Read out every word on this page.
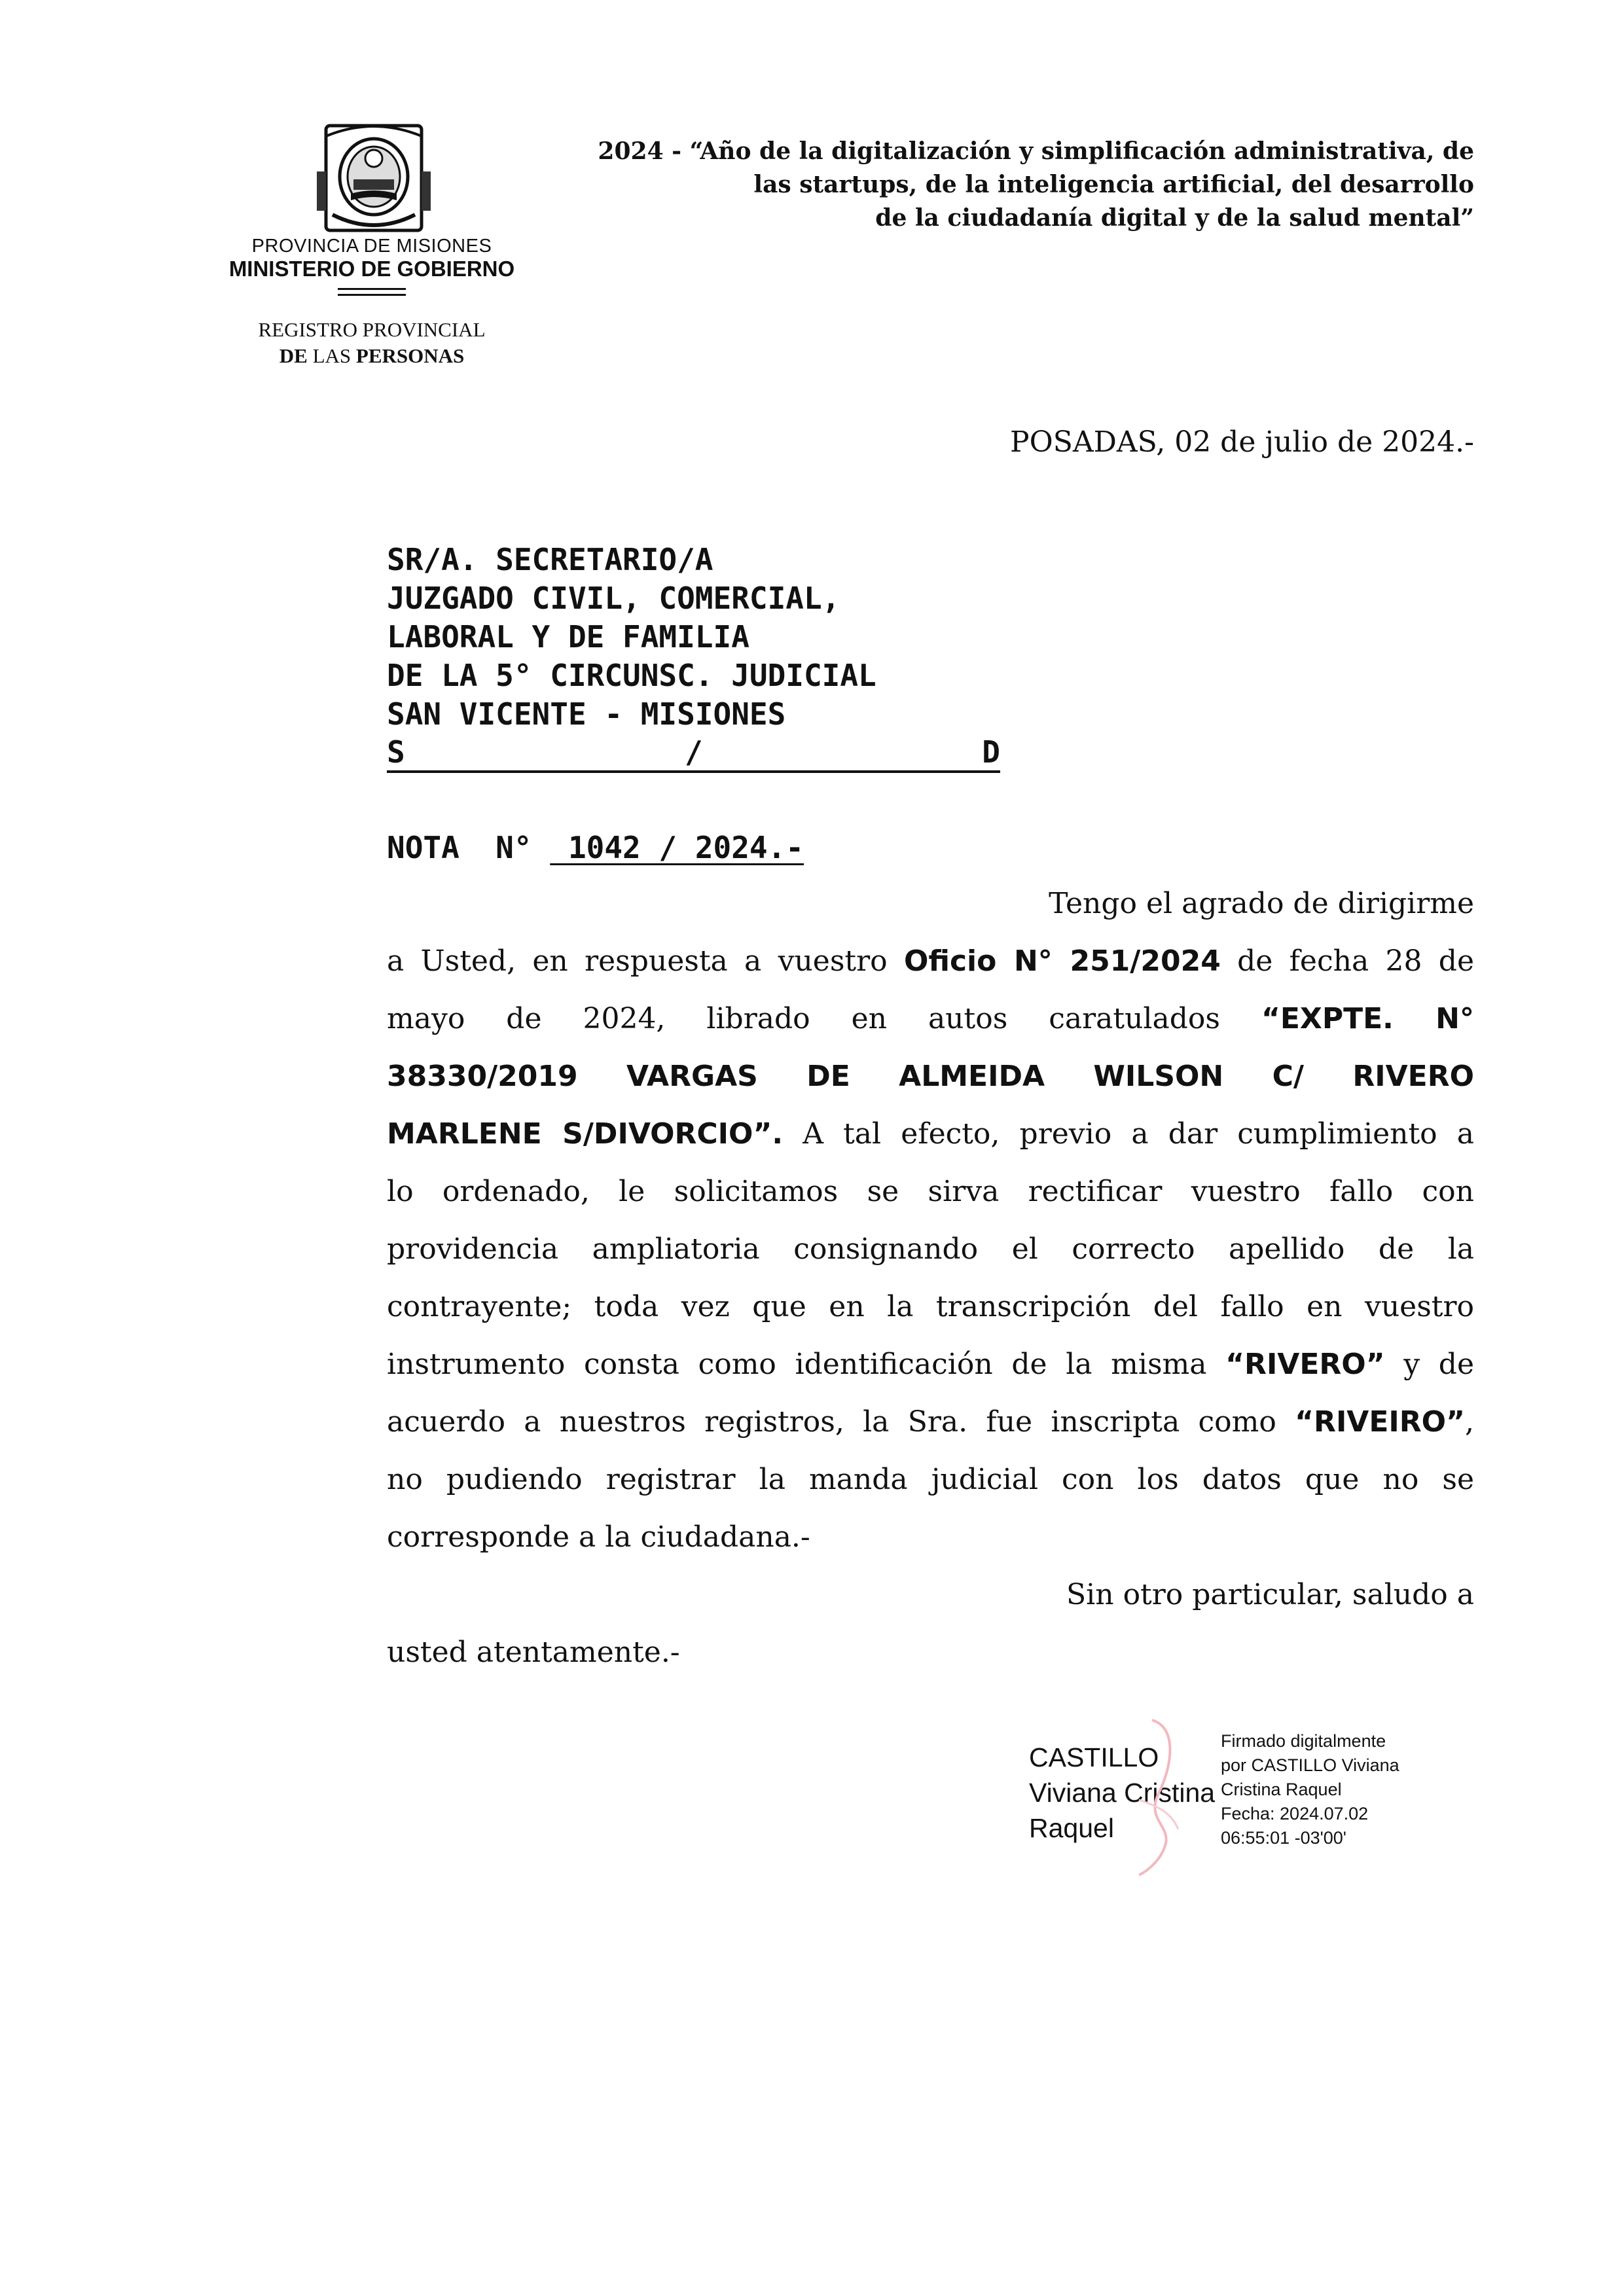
PROVINCIA DE MISIONES
MINISTERIO DE GOBIERNO
REGISTRO PROVINCIAL
DE LAS PERSONAS
2024 - “Año de la digitalización y simplificación administrativa, de
las startups, de la inteligencia artificial, del desarrollo
de la ciudadanía digital y de la salud mental”
POSADAS, 02 de julio de 2024.-
SR/A. SECRETARIO/A
JUZGADO CIVIL, COMERCIAL,
LABORAL Y DE FAMILIA
DE LA 5° CIRCUNSC. JUDICIAL
SAN VICENTE - MISIONES
S	/	D
NOTA  N°  1042 / 2024.-
Tengo el agrado de dirigirme
a Usted, en respuesta a vuestro Oficio N° 251/2024 de fecha 28 de
mayo de 2024, librado en autos caratulados “EXPTE. N°
38330/2019 VARGAS DE ALMEIDA WILSON C/ RIVERO
MARLENE S/DIVORCIO”. A tal efecto, previo a dar cumplimiento a
lo ordenado, le solicitamos se sirva rectificar vuestro fallo con
providencia ampliatoria consignando el correcto apellido de la
contrayente; toda vez que en la transcripción del fallo en vuestro
instrumento consta como identificación de la misma “RIVERO” y de
acuerdo a nuestros registros, la Sra. fue inscripta como “RIVEIRO”,
no pudiendo registrar la manda judicial con los datos que no se
corresponde a la ciudadana.-
Sin otro particular, saludo a
usted atentamente.-
CASTILLO
Viviana Cristina
Raquel
Firmado digitalmente
por CASTILLO Viviana
Cristina Raquel
Fecha: 2024.07.02
06:55:01 -03'00'
